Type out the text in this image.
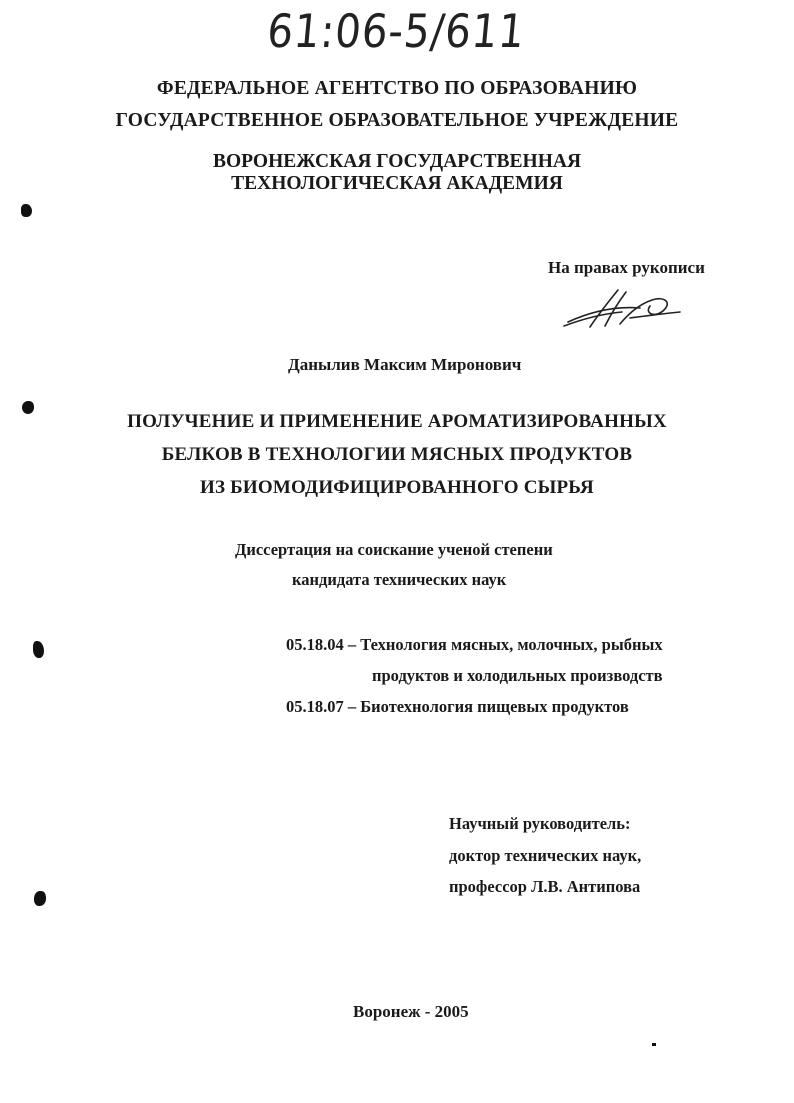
61:06-5/611
ФЕДЕРАЛЬНОЕ АГЕНТСТВО ПО ОБРАЗОВАНИЮ
ГОСУДАРСТВЕННОЕ ОБРАЗОВАТЕЛЬНОЕ УЧРЕЖДЕНИЕ
ВОРОНЕЖСКАЯ ГОСУДАРСТВЕННАЯ
ТЕХНОЛОГИЧЕСКАЯ АКАДЕМИЯ
На правах рукописи
Данылив Максим Миронович
ПОЛУЧЕНИЕ И ПРИМЕНЕНИЕ АРОМАТИЗИРОВАННЫХ
БЕЛКОВ В ТЕХНОЛОГИИ МЯСНЫХ ПРОДУКТОВ
ИЗ БИОМОДИФИЦИРОВАННОГО СЫРЬЯ
Диссертация на соискание ученой степени
кандидата технических наук
05.18.04 – Технология мясных, молочных, рыбных
продуктов и холодильных производств
05.18.07 – Биотехнология пищевых продуктов
Научный руководитель:
доктор технических наук,
профессор Л.В. Антипова
Воронеж - 2005
